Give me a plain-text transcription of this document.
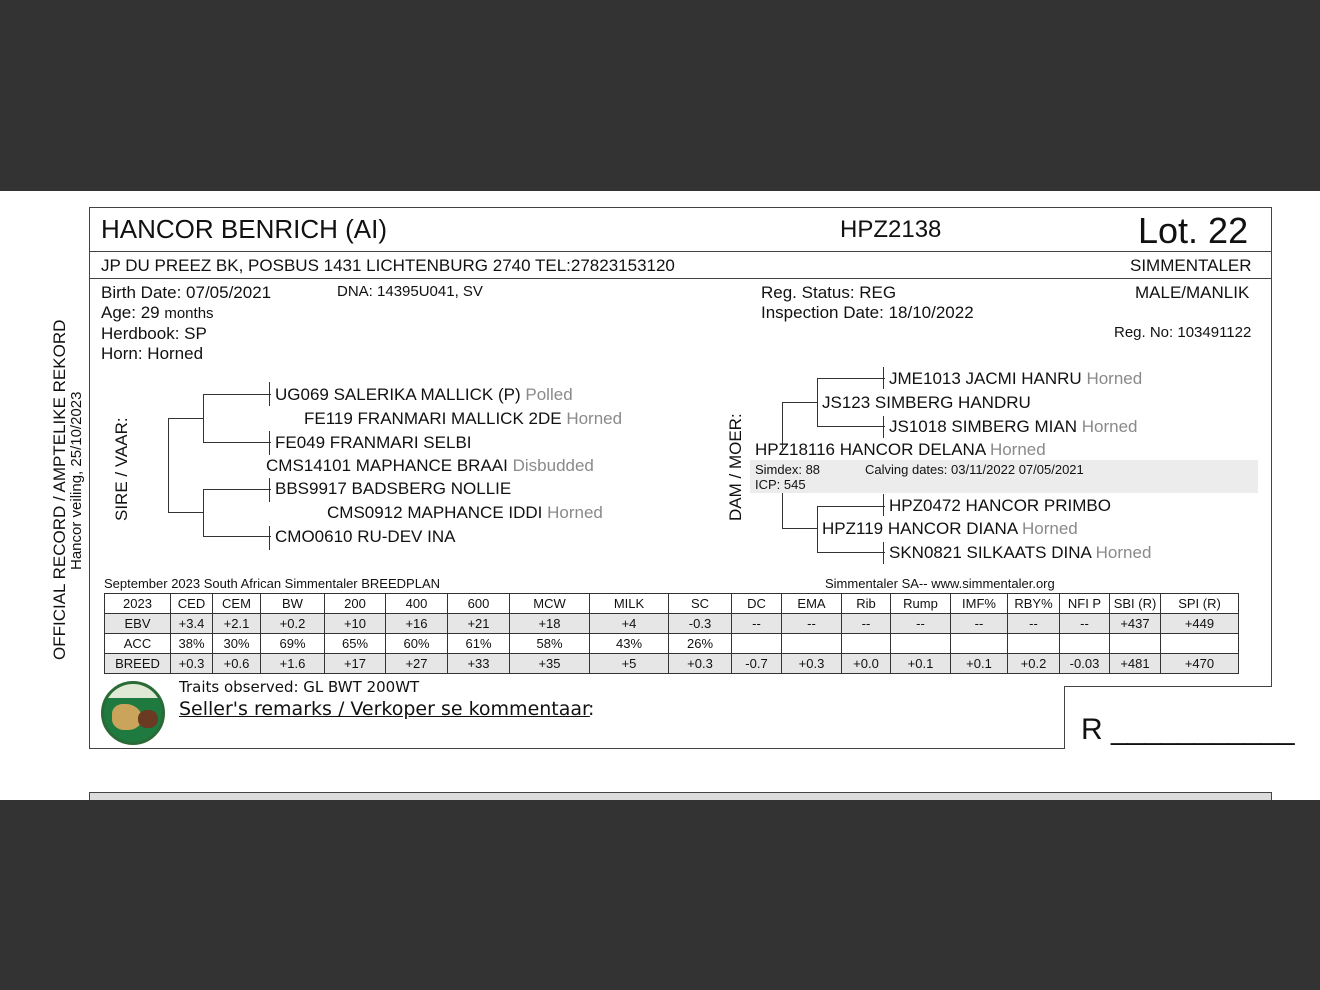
OFFICIAL RECORD / AMPTELIKE REKORD Hancor veiling, 25/10/2023
HANCOR BENRICH (AI)	HPZ2138	Lot. 22
JP DU PREEZ BK, POSBUS 1431 LICHTENBURG 2740 TEL:27823153120	SIMMENTALER
Birth Date: 07/05/2021	DNA: 14395U041, SV
Age: 29 months
Herdbook: SP
Horn: Horned
Reg. Status: REG
Inspection Date: 18/10/2022
MALE/MANLIK
Reg. No: 103491122
SIRE / VAAR:
UG069 SALERIKA MALLICK (P) Polled
FE119 FRANMARI MALLICK 2DE Horned
FE049 FRANMARI SELBI
CMS14101 MAPHANCE BRAAI Disbudded
BBS9917 BADSBERG NOLLIE
CMS0912 MAPHANCE IDDI Horned
CMO0610 RU-DEV INA
DAM / MOER:
JME1013 JACMI HANRU Horned
JS123 SIMBERG HANDRU
JS1018 SIMBERG MIAN Horned
HPZ18116 HANCOR DELANA Horned
Simdex: 88	Calving dates: 03/11/2022 07/05/2021
ICP: 545
HPZ0472 HANCOR PRIMBO
HPZ119 HANCOR DIANA Horned
SKN0821 SILKAATS DINA Horned
September 2023 South African Simmentaler BREEDPLAN	Simmentaler SA-- www.simmentaler.org
2023	CED	CEM	BW	200	400	600	MCW	MILK	SC	DC	EMA	Rib	Rump	IMF%	RBY%	NFI P	SBI (R)	SPI (R)
EBV	+3.4	+2.1	+0.2	+10	+16	+21	+18	+4	-0.3	--	--	--	--	--	--	--	+437	+449
ACC	38%	30%	69%	65%	60%	61%	58%	43%	26%									
BREED	+0.3	+0.6	+1.6	+17	+27	+33	+35	+5	+0.3	-0.7	+0.3	+0.0	+0.1	+0.1	+0.2	-0.03	+481	+470
Traits observed: GL BWT 200WT
Seller's remarks / Verkoper se kommentaar
:
R ___________
